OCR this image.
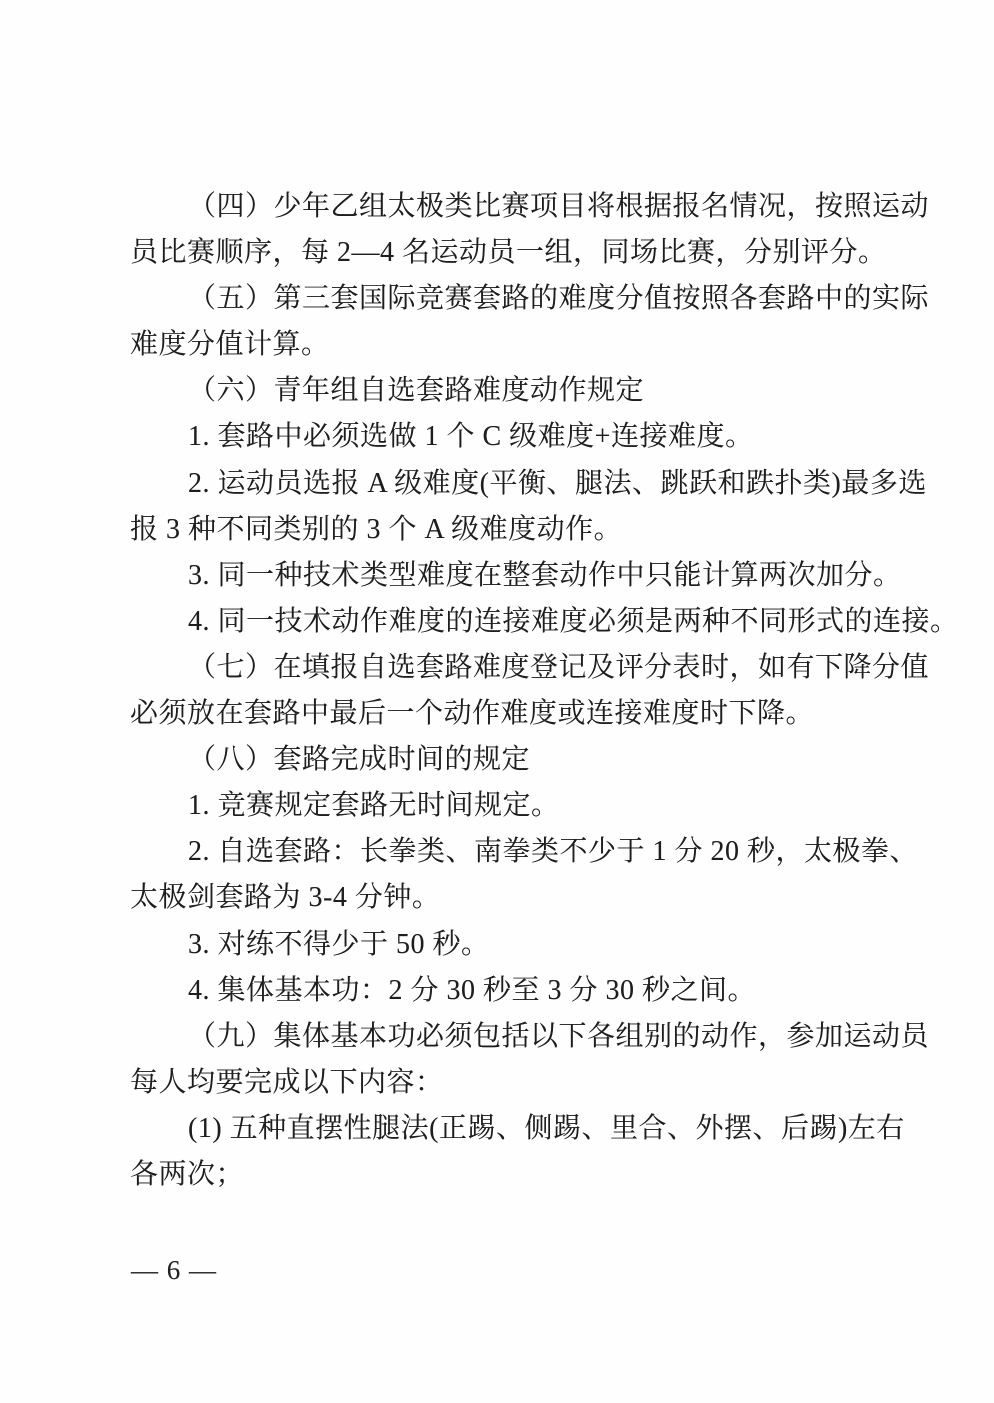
（四）少年乙组太极类比赛项目将根据报名情况，按照运动
员比赛顺序，每 2—4 名运动员一组，同场比赛，分别评分。
（五）第三套国际竞赛套路的难度分值按照各套路中的实际
难度分值计算。
（六）青年组自选套路难度动作规定
1. 套路中必须选做 1 个 C 级难度+连接难度。
2. 运动员选报 A 级难度(平衡、腿法、跳跃和跌扑类)最多选
报 3 种不同类别的 3 个 A 级难度动作。
3. 同一种技术类型难度在整套动作中只能计算两次加分。
4. 同一技术动作难度的连接难度必须是两种不同形式的连接。
（七）在填报自选套路难度登记及评分表时，如有下降分值
必须放在套路中最后一个动作难度或连接难度时下降。
（八）套路完成时间的规定
1. 竞赛规定套路无时间规定。
2. 自选套路：长拳类、南拳类不少于 1 分 20 秒，太极拳、
太极剑套路为 3-4 分钟。
3. 对练不得少于 50 秒。
4. 集体基本功：2 分 30 秒至 3 分 30 秒之间。
（九）集体基本功必须包括以下各组别的动作，参加运动员
每人均要完成以下内容：
(1) 五种直摆性腿法(正踢、侧踢、里合、外摆、后踢)左右
各两次；
— 6 —
